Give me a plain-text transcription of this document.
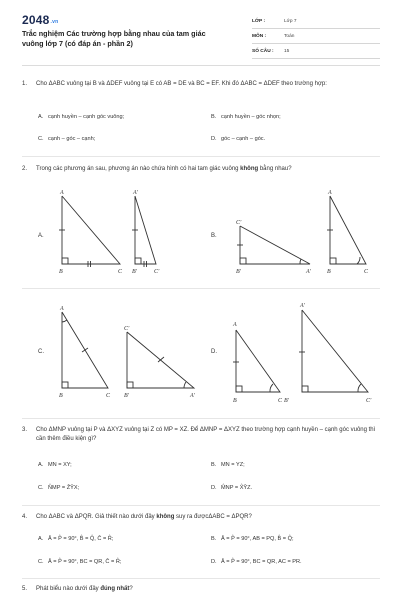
2048.vn
Trắc nghiệm Các trường hợp bằng nhau của tam giác
vuông lớp 7 (có đáp án - phần 2)
LỚP :	Lớp 7
MÔN :	Toán
SỐ CÂU :	15
1. Cho ΔABC vuông tại B và ΔDEF vuông tại E có AB = DE và BC = EF. Khi đó ΔABC = ΔDEF theo trường hợp:
A. cạnh huyền – cạnh góc vuông;	B. cạnh huyền – góc nhọn;
C. cạnh – góc – cạnh;	D. góc – cạnh – góc.
2. Trong các phương án sau, phương án nào chứa hình có hai tam giác vuông không bằng nhau?
A.	B.
C.	D.
A
B	C
A'
B'	C'
C'
B'	A'
A
B	C
A
B	C
C'
B'	A'
A
B	C
A'
B'	C'
3. Cho ΔMNP vuông tại P và ΔXYZ vuông tại Z có MP = XZ. Để ΔMNP = ΔXYZ theo trường hợp cạnh huyền – cạnh góc vuông thì cần thêm điều kiện gì?
A. MN = XY;	B. MN = YZ;
C. N̂MP = ẐŶX;	D. M̂NP = X̂ŶZ.
4. Cho ΔABC và ΔPQR. Giả thiết nào dưới đây không suy ra đượcΔABC = ΔPQR?
A. Â = P̂ = 90°, B̂ = Q̂, Ĉ = R̂;	B. Â = P̂ = 90°, AB = PQ, B̂ = Q̂;
C. Â = P̂ = 90°, BC = QR, Ĉ = R̂;	D. Â = P̂ = 90°, BC = QR, AC = PR.
5. Phát biểu nào dưới đây đúng nhất?
